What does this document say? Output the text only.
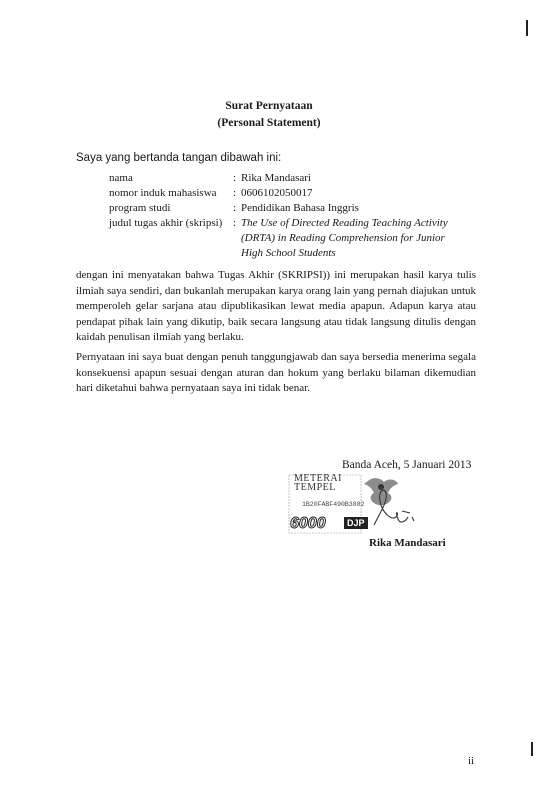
Surat Pernyataan
(Personal Statement)
Saya yang bertanda tangan dibawah ini:
nama	: Rika Mandasari
nomor induk mahasiswa : 0606102050017
program studi	: Pendidikan Bahasa Inggris
judul tugas akhir (skripsi) : The Use of Directed Reading Teaching Activity
(DRTA) in Reading Comprehension for Junior
High School Students
dengan ini menyatakan bahwa Tugas Akhir (SKRIPSI)) ini merupakan hasil karya tulis ilmiah saya sendiri, dan bukanlah merupakan karya orang lain yang pernah diajukan untuk memperoleh gelar sarjana atau dipublikasikan lewat media apapun. Adapun karya atau pendapat pihak lain yang dikutip, baik secara langsung atau tidak langsung ditulis dengan kaidah penulisan ilmiah yang berlaku.
Pernyataan ini saya buat dengan penuh tanggungjawab dan saya bersedia menerima segala konsekuensi apapun sesuai dengan aturan dan hokum yang berlaku bilaman dikemudian hari diketahui bahwa pernyataan saya ini tidak benar.
Banda Aceh, 5 Januari 2013
METERAI
TEMPEL
1B20FABF490B3882
6000	DJP
Rika Mandasari
ii
